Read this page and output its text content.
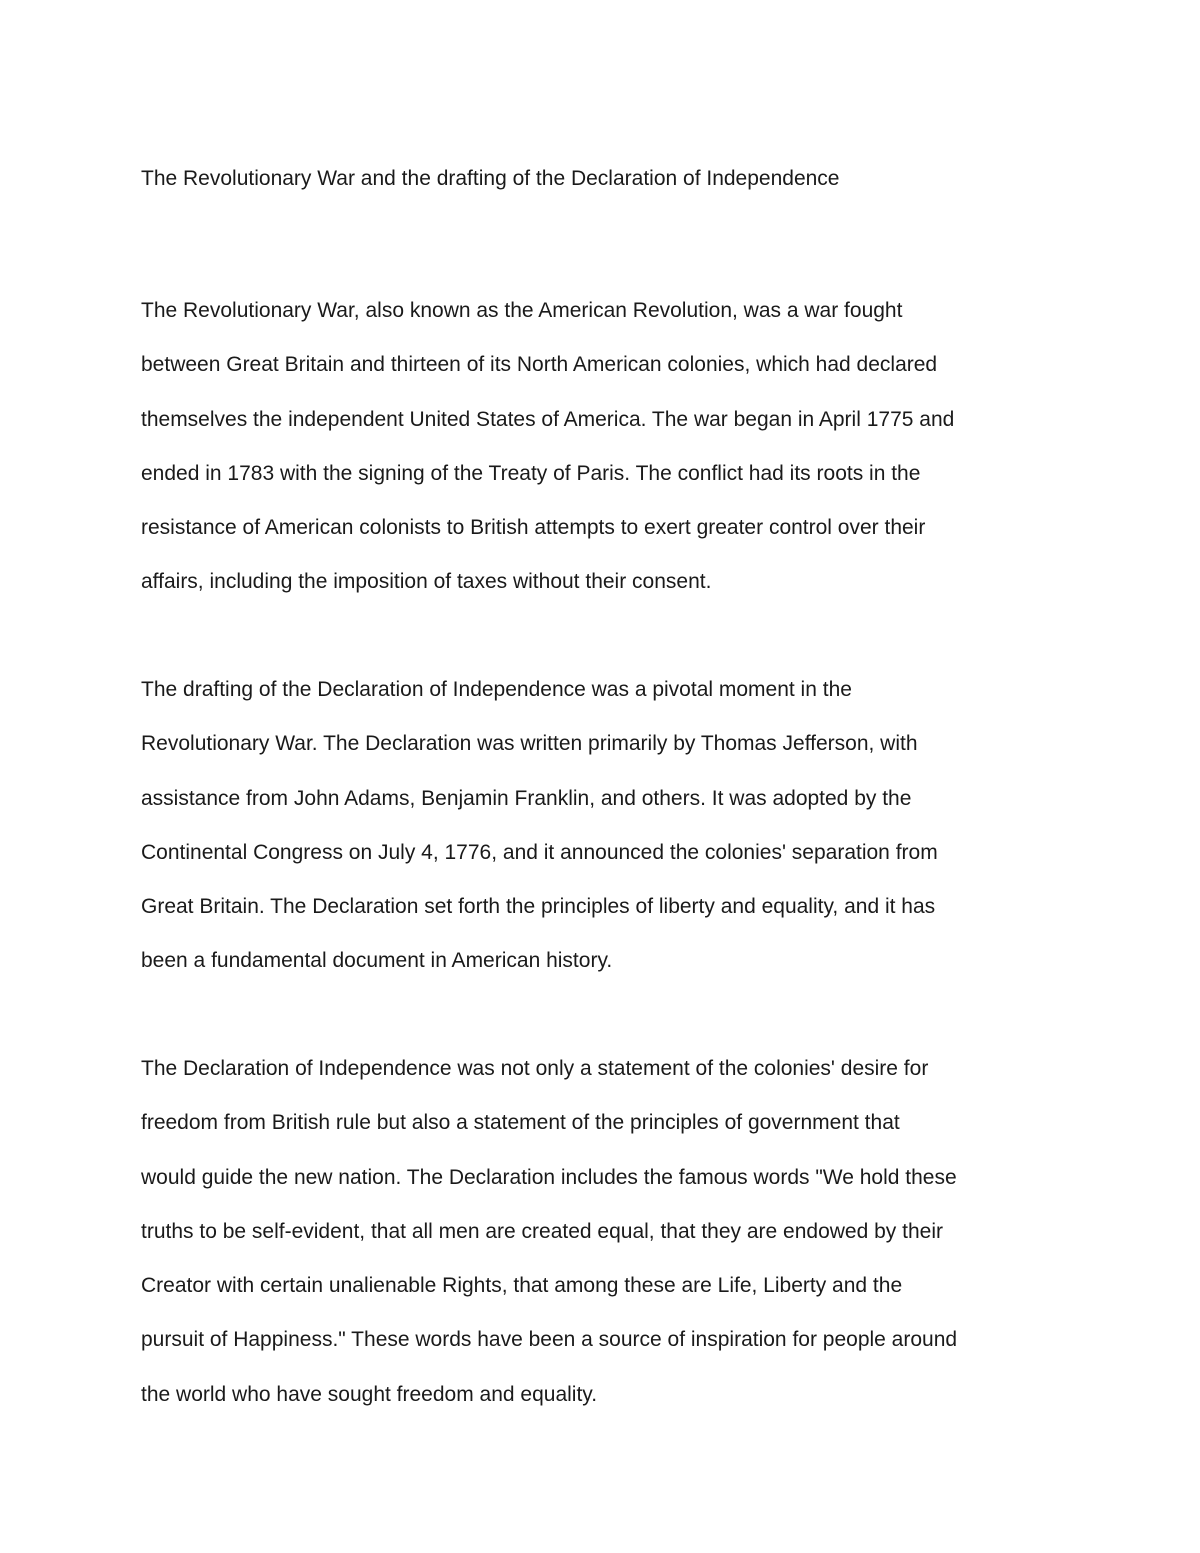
The Revolutionary War and the drafting of the Declaration of Independence

The Revolutionary War, also known as the American Revolution, was a war fought
between Great Britain and thirteen of its North American colonies, which had declared
themselves the independent United States of America. The war began in April 1775 and
ended in 1783 with the signing of the Treaty of Paris. The conflict had its roots in the
resistance of American colonists to British attempts to exert greater control over their
affairs, including the imposition of taxes without their consent.

The drafting of the Declaration of Independence was a pivotal moment in the
Revolutionary War. The Declaration was written primarily by Thomas Jefferson, with
assistance from John Adams, Benjamin Franklin, and others. It was adopted by the
Continental Congress on July 4, 1776, and it announced the colonies' separation from
Great Britain. The Declaration set forth the principles of liberty and equality, and it has
been a fundamental document in American history.

The Declaration of Independence was not only a statement of the colonies' desire for
freedom from British rule but also a statement of the principles of government that
would guide the new nation. The Declaration includes the famous words "We hold these
truths to be self-evident, that all men are created equal, that they are endowed by their
Creator with certain unalienable Rights, that among these are Life, Liberty and the
pursuit of Happiness." These words have been a source of inspiration for people around
the world who have sought freedom and equality.
